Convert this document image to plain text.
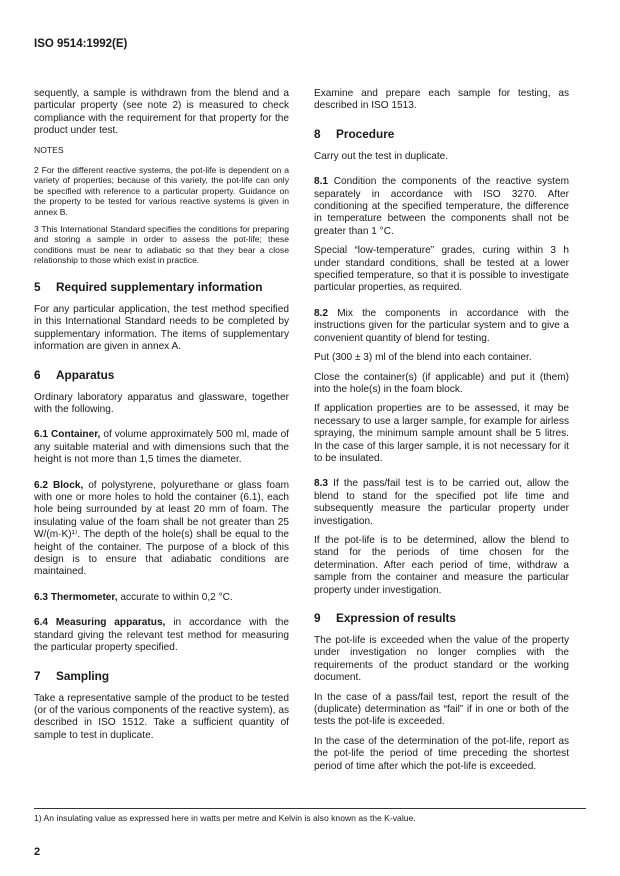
ISO 9514:1992(E)

sequently, a sample is withdrawn from the blend and a particular property (see note 2) is measured to check compliance with the requirement for that property for the product under test.

NOTES

2 For the different reactive systems, the pot-life is dependent on a variety of properties; because of this variety, the pot-life can only be specified with reference to a particular property. Guidance on the property to be tested for various reactive systems is given in annex B.

3 This International Standard specifies the conditions for preparing and storing a sample in order to assess the pot-life; these conditions must be near to adiabatic so that they bear a close relationship to those which exist in practice.

5 Required supplementary information

For any particular application, the test method specified in this International Standard needs to be completed by supplementary information. The items of supplementary information are given in annex A.

6 Apparatus

Ordinary laboratory apparatus and glassware, together with the following.

6.1 Container, of volume approximately 500 ml, made of any suitable material and with dimensions such that the height is not more than 1,5 times the diameter.

6.2 Block, of polystyrene, polyurethane or glass foam with one or more holes to hold the container (6.1), each hole being surrounded by at least 20 mm of foam. The insulating value of the foam shall be not greater than 25 W/(m·K)¹⁾. The depth of the hole(s) shall be equal to the height of the container. The purpose of a block of this design is to ensure that adiabatic conditions are maintained.

6.3 Thermometer, accurate to within 0,2 °C.

6.4 Measuring apparatus, in accordance with the standard giving the relevant test method for measuring the particular property specified.

7 Sampling

Take a representative sample of the product to be tested (or of the various components of the reactive system), as described in ISO 1512. Take a sufficient quantity of sample to test in duplicate.

Examine and prepare each sample for testing, as described in ISO 1513.

8 Procedure

Carry out the test in duplicate.

8.1 Condition the components of the reactive system separately in accordance with ISO 3270. After conditioning at the specified temperature, the difference in temperature between the components shall not be greater than 1 °C.

Special “low-temperature” grades, curing within 3 h under standard conditions, shall be tested at a lower specified temperature, so that it is possible to investigate particular properties, as required.

8.2 Mix the components in accordance with the instructions given for the particular system and to give a convenient quantity of blend for testing.

Put (300 ± 3) ml of the blend into each container.

Close the container(s) (if applicable) and put it (them) into the hole(s) in the foam block.

If application properties are to be assessed, it may be necessary to use a larger sample, for example for airless spraying, the minimum sample amount shall be 5 litres. In the case of this larger sample, it is not necessary for it to be insulated.

8.3 If the pass/fail test is to be carried out, allow the blend to stand for the specified pot life time and subsequently measure the particular property under investigation.

If the pot-life is to be determined, allow the blend to stand for the periods of time chosen for the determination. After each period of time, withdraw a sample from the container and measure the particular property under investigation.

9 Expression of results

The pot-life is exceeded when the value of the property under investigation no longer complies with the requirements of the product standard or the working document.

In the case of a pass/fail test, report the result of the (duplicate) determination as “fail” if in one or both of the tests the pot-life is exceeded.

In the case of the determination of the pot-life, report as the pot-life the period of time preceding the shortest period of time after which the pot-life is exceeded.

1) An insulating value as expressed here in watts per metre and Kelvin is also known as the K-value.
2
